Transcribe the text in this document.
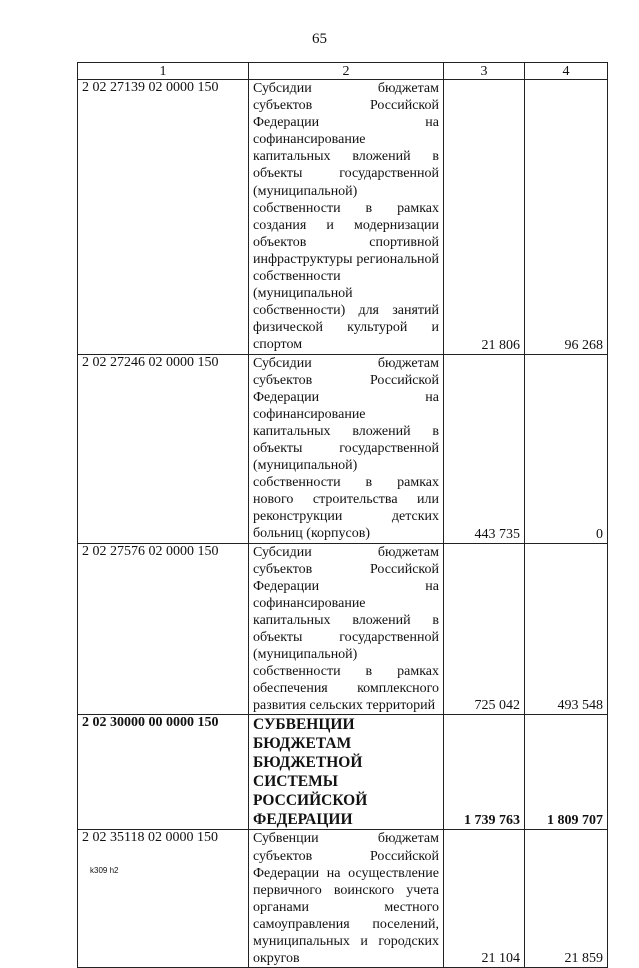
65
1	2	3	4
2 02 27139 02 0000 150	Субсидии бюджетам субъектов Российской Федерации на софинансирование капитальных вложений в объекты государственной (муниципальной) собственности в рамках создания и модернизации объектов спортивной инфраструктуры региональной собственности (муниципальной собственности) для занятий физической культурой и спортом	21 806	96 268
2 02 27246 02 0000 150	Субсидии бюджетам субъектов Российской Федерации на софинансирование капитальных вложений в объекты государственной (муниципальной) собственности в рамках нового строительства или реконструкции детских больниц (корпусов)	443 735	0
2 02 27576 02 0000 150	Субсидии бюджетам субъектов Российской Федерации на софинансирование капитальных вложений в объекты государственной (муниципальной) собственности в рамках обеспечения комплексного развития сельских территорий	725 042	493 548
2 02 30000 00 0000 150	СУБВЕНЦИИ БЮДЖЕТАМ БЮДЖЕТНОЙ СИСТЕМЫ РОССИЙСКОЙ ФЕДЕРАЦИИ	1 739 763	1 809 707
2 02 35118 02 0000 150	Субвенции бюджетам субъектов Российской Федерации на осуществление первичного воинского учета органами местного самоуправления поселений, муниципальных и городских округов	21 104	21 859
k309 h2
